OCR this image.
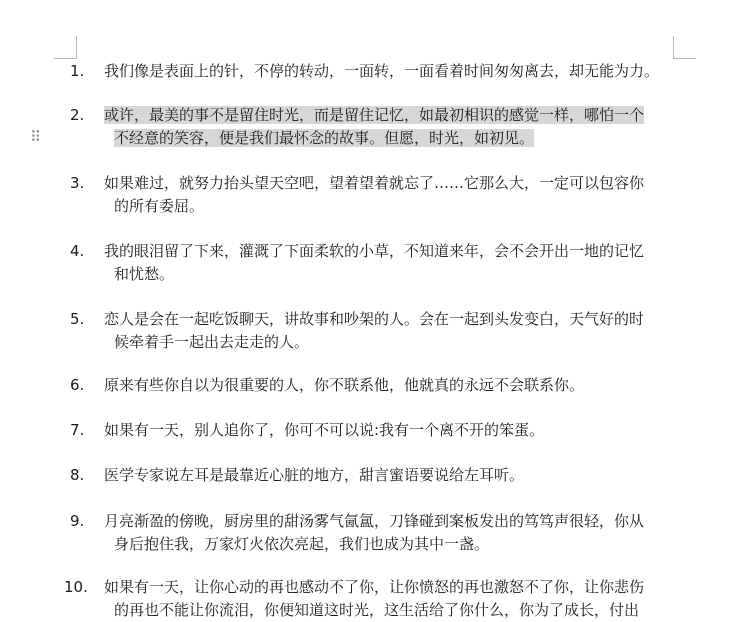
⠿
1.	我们像是表面上的针，不停的转动，一面转，一面看着时间匆匆离去，却无能为力。
2.	或许，最美的事不是留住时光，而是留住记忆，如最初相识的感觉一样，哪怕一个
不经意的笑容，便是我们最怀念的故事。但愿，时光，如初见。
3.	如果难过，就努力抬头望天空吧，望着望着就忘了……它那么大，一定可以包容你
的所有委屈。
4.	我的眼泪留了下来，灌溉了下面柔软的小草，不知道来年，会不会开出一地的记忆
和忧愁。
5.	恋人是会在一起吃饭聊天，讲故事和吵架的人。会在一起到头发变白，天气好的时
候牵着手一起出去走走的人。
6.	原来有些你自以为很重要的人，你不联系他，他就真的永远不会联系你。
7.	如果有一天，别人追你了，你可不可以说:我有一个离不开的笨蛋。
8.	医学专家说左耳是最靠近心脏的地方，甜言蜜语要说给左耳听。
9.	月亮渐盈的傍晚，厨房里的甜汤雾气氤氲，刀锋碰到案板发出的笃笃声很轻，你从
身后抱住我，万家灯火依次亮起，我们也成为其中一盏。
10.	如果有一天，让你心动的再也感动不了你，让你愤怒的再也激怒不了你，让你悲伤
的再也不能让你流泪，你便知道这时光，这生活给了你什么，你为了成长，付出
